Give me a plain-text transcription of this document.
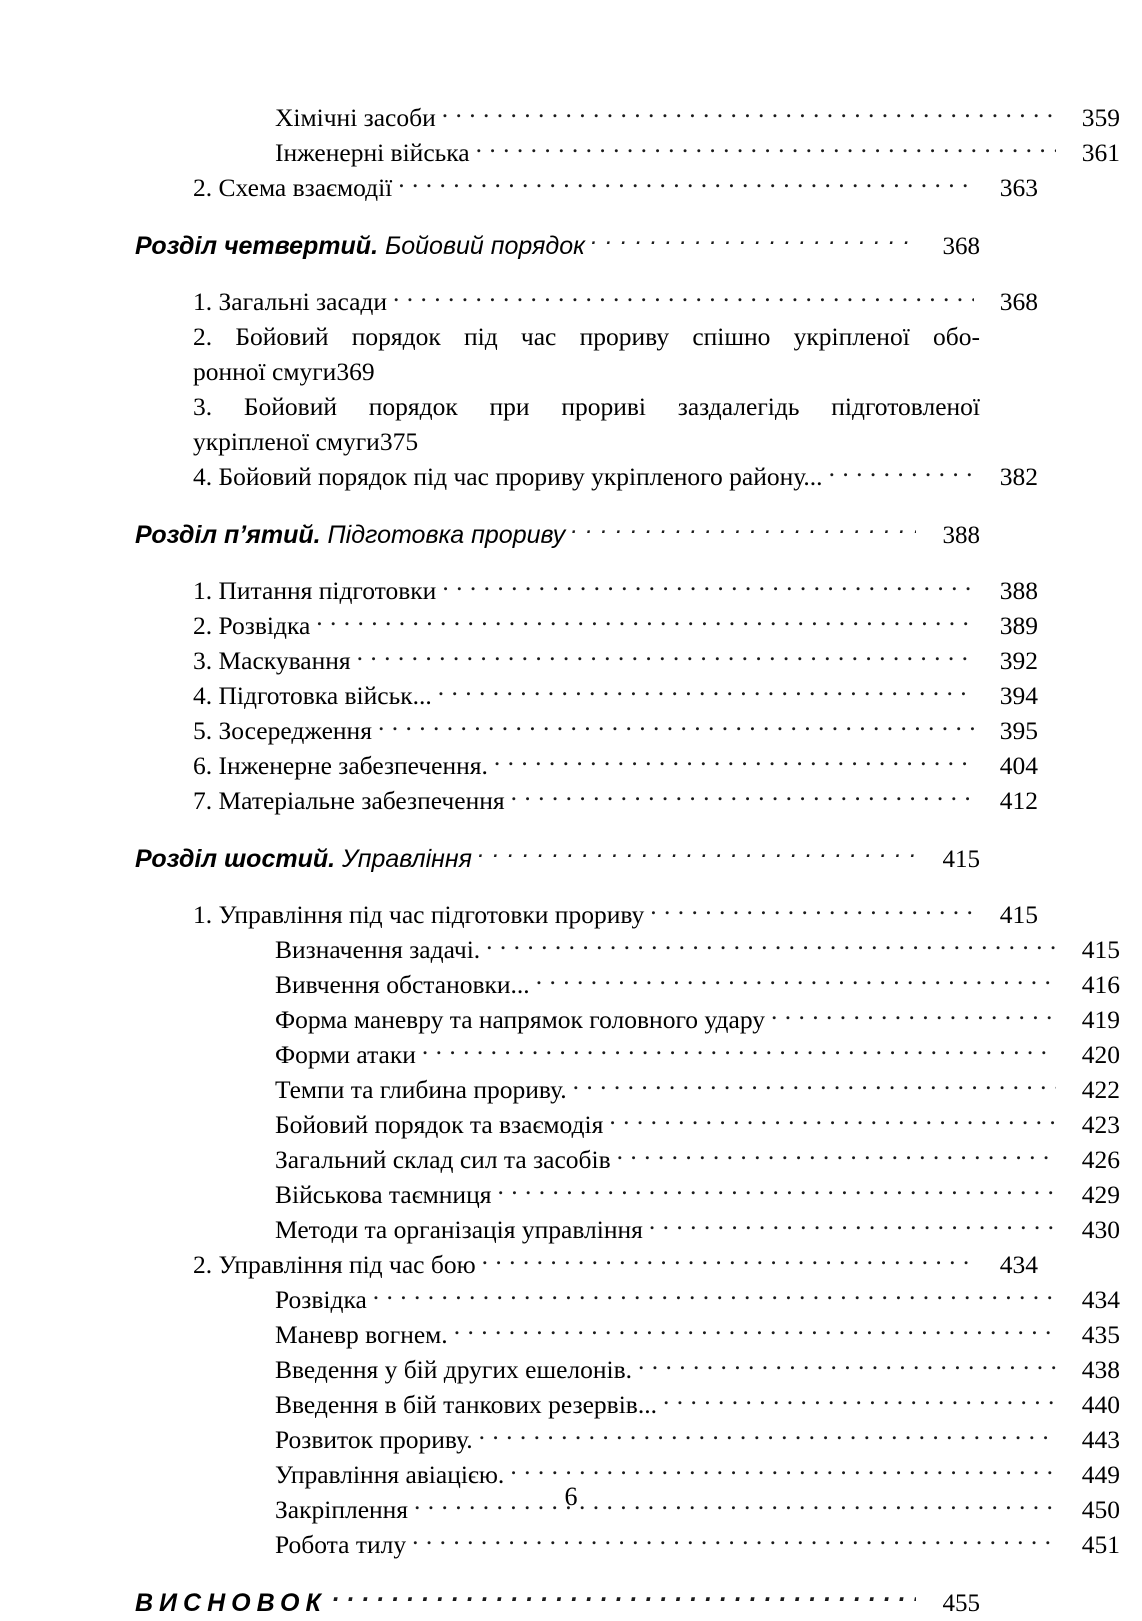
Хімічні засоби . . .	359
Інженерні війська . . .	361
2. Схема взаємодії . . .	363
Розділ четвертий. Бойовий порядок . . .	368
1. Загальні засади . . .	368
2. Бойовий порядок під час прориву спішно укріпленої обо-
ронної смуги 369
3. Бойовий порядок при прориві заздалегідь підготовленої
укріпленої смуги 375
4. Бойовий порядок під час прориву укріпленого району... . . .	382
Розділ п’ятий. Підготовка прориву . . .	388
1. Питання підготовки . . .	388
2. Розвідка . . .	389
3. Маскування . . .	392
4. Підготовка військ... . . .	394
5. Зосередження . . .	395
6. Інженерне забезпечення. . . .	404
7. Матеріальне забезпечення . . .	412
Розділ шостий. Управління . . .	415
1. Управління під час підготовки прориву . . .	415
Визначення задачі. . . .	415
Вивчення обстановки... . . .	416
Форма маневру та напрямок головного удару . . .	419
Форми атаки . . .	420
Темпи та глибина прориву. . . .	422
Бойовий порядок та взаємодія . . .	423
Загальний склад сил та засобів . . .	426
Військова таємниця . . .	429
Методи та організація управління . . .	430
2. Управління під час бою . . .	434
Розвідка . . .	434
Маневр вогнем. . . .	435
Введення у бій других ешелонів. . . .	438
Введення в бій танкових резервів... . . .	440
Розвиток прориву. . . .	443
Управління авіацією. . . .	449
Закріплення . . .	450
Робота тилу . . .	451
ВИСНОВОК . . .	455
6
